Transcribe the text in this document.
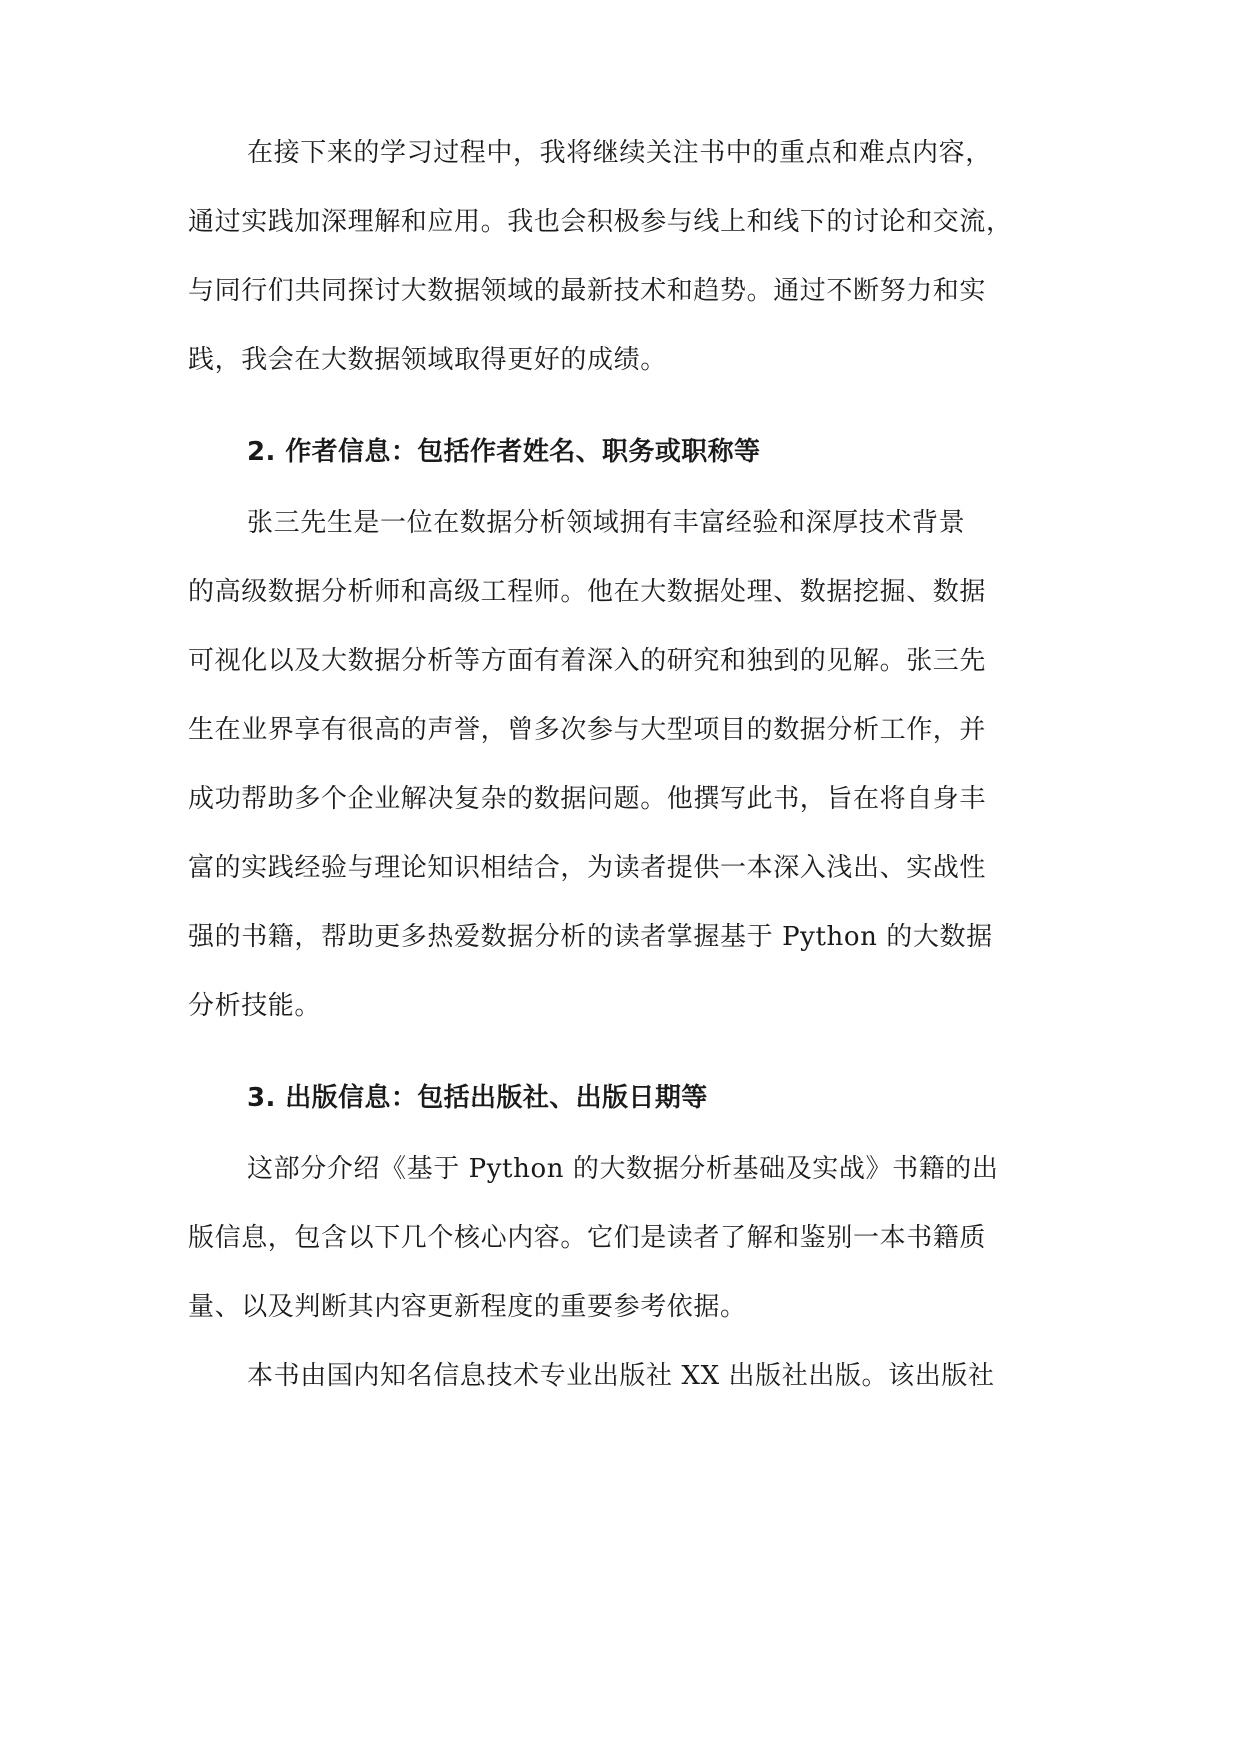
在接下来的学习过程中，我将继续关注书中的重点和难点内容，
通过实践加深理解和应用。我也会积极参与线上和线下的讨论和交流，
与同行们共同探讨大数据领域的最新技术和趋势。通过不断努力和实
践，我会在大数据领域取得更好的成绩。
2. 作者信息：包括作者姓名、职务或职称等
张三先生是一位在数据分析领域拥有丰富经验和深厚技术背景
的高级数据分析师和高级工程师。他在大数据处理、数据挖掘、数据
可视化以及大数据分析等方面有着深入的研究和独到的见解。张三先
生在业界享有很高的声誉，曾多次参与大型项目的数据分析工作，并
成功帮助多个企业解决复杂的数据问题。他撰写此书，旨在将自身丰
富的实践经验与理论知识相结合，为读者提供一本深入浅出、实战性
强的书籍，帮助更多热爱数据分析的读者掌握基于 Python 的大数据
分析技能。
3. 出版信息：包括出版社、出版日期等
这部分介绍《基于 Python 的大数据分析基础及实战》书籍的出
版信息，包含以下几个核心内容。它们是读者了解和鉴别一本书籍质
量、以及判断其内容更新程度的重要参考依据。
本书由国内知名信息技术专业出版社 XX 出版社出版。该出版社
